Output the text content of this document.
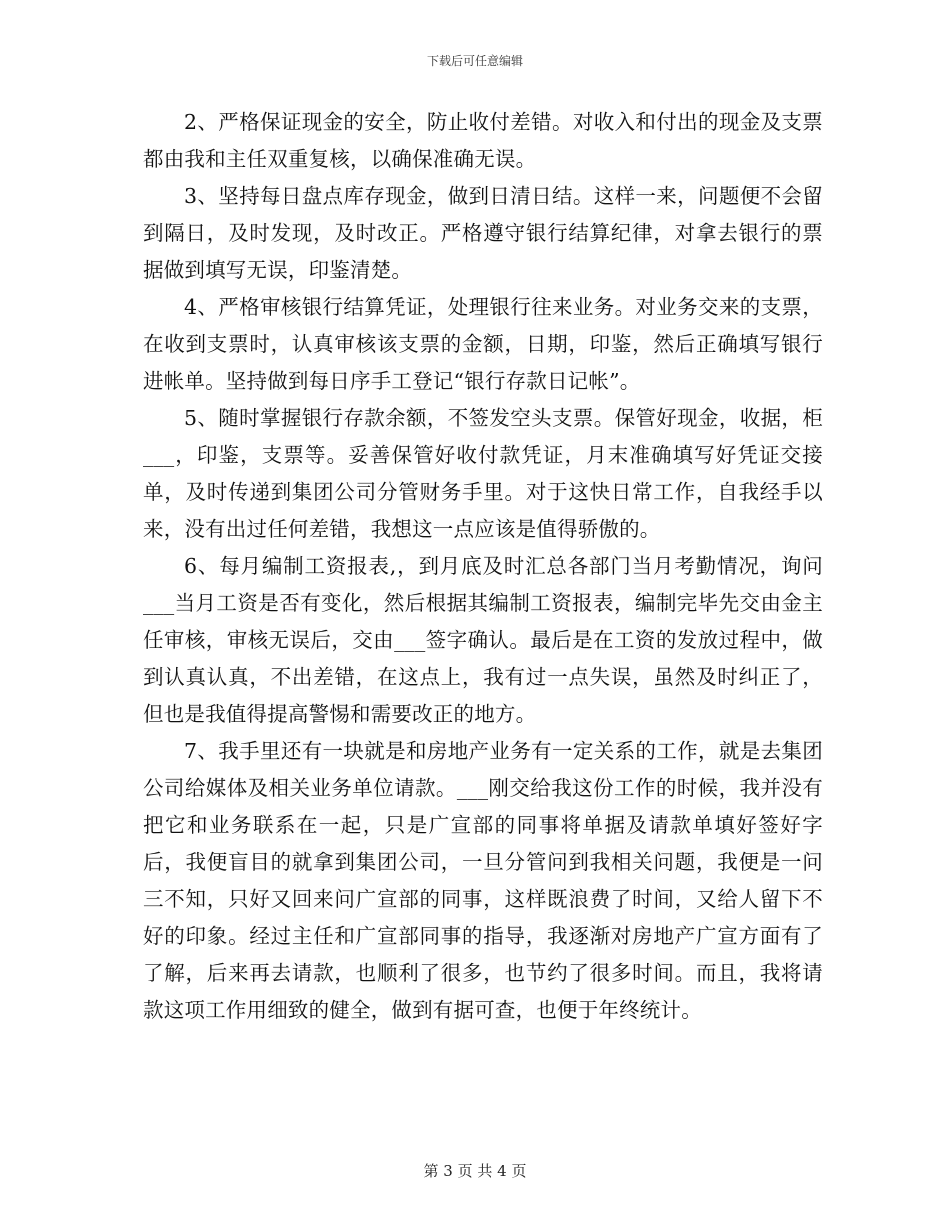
下载后可任意编辑

2、严格保证现金的安全，防止收付差错。对收入和付出的现金及支票都由我和主任双重复核，以确保准确无误。

3、坚持每日盘点库存现金，做到日清日结。这样一来，问题便不会留到隔日，及时发现，及时改正。严格遵守银行结算纪律，对拿去银行的票据做到填写无误，印鉴清楚。

4、严格审核银行结算凭证，处理银行往来业务。对业务交来的支票，在收到支票时，认真审核该支票的金额，日期，印鉴，然后正确填写银行进帐单。坚持做到每日序手工登记“银行存款日记帐”。

5、随时掌握银行存款余额，不签发空头支票。保管好现金，收据，柜___，印鉴，支票等。妥善保管好收付款凭证，月末准确填写好凭证交接单，及时传递到集团公司分管财务手里。对于这快日常工作，自我经手以来，没有出过任何差错，我想这一点应该是值得骄傲的。

6、每月编制工资报表,，到月底及时汇总各部门当月考勤情况，询问___当月工资是否有变化，然后根据其编制工资报表，编制完毕先交由金主任审核，审核无误后，交由___签字确认。最后是在工资的发放过程中，做到认真认真，不出差错，在这点上，我有过一点失误，虽然及时纠正了，但也是我值得提高警惕和需要改正的地方。

7、我手里还有一块就是和房地产业务有一定关系的工作，就是去集团公司给媒体及相关业务单位请款。___刚交给我这份工作的时候，我并没有把它和业务联系在一起，只是广宣部的同事将单据及请款单填好签好字后，我便盲目的就拿到集团公司，一旦分管问到我相关问题，我便是一问三不知，只好又回来问广宣部的同事，这样既浪费了时间，又给人留下不好的印象。经过主任和广宣部同事的指导，我逐渐对房地产广宣方面有了了解，后来再去请款，也顺利了很多，也节约了很多时间。而且，我将请款这项工作用细致的健全，做到有据可查，也便于年终统计。

第 3 页 共 4 页
